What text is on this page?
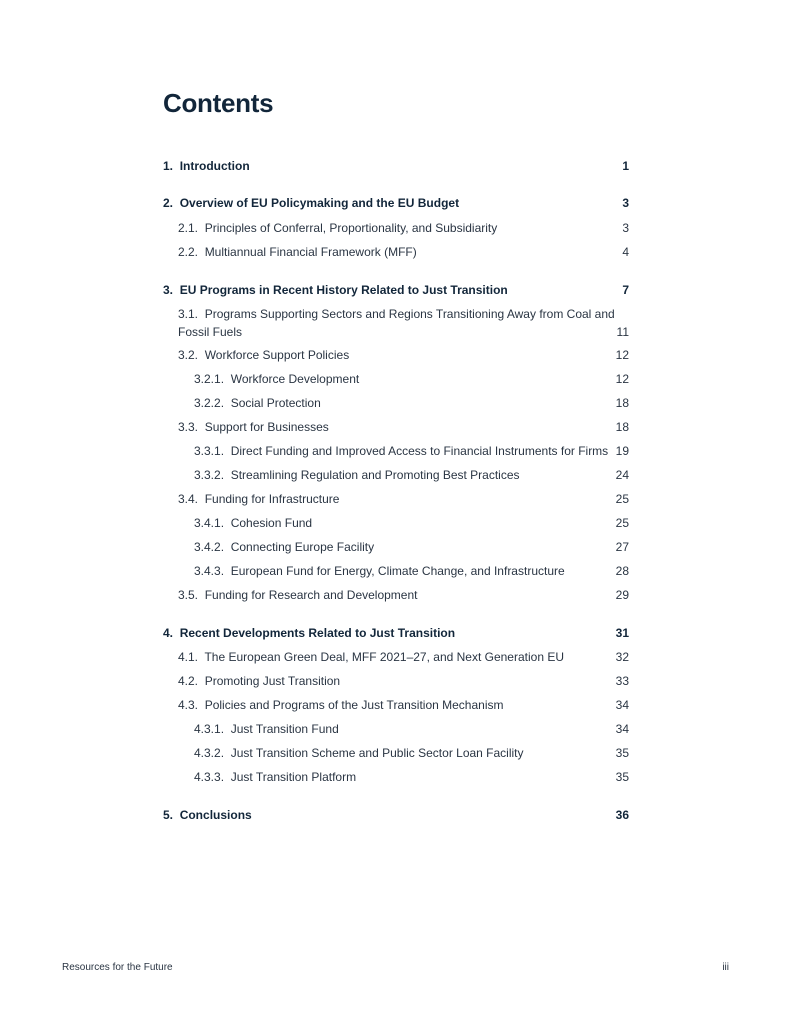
Contents
1. Introduction	1
2. Overview of EU Policymaking and the EU Budget	3
2.1. Principles of Conferral, Proportionality, and Subsidiarity	3
2.2. Multiannual Financial Framework (MFF)	4
3. EU Programs in Recent History Related to Just Transition	7
3.1. Programs Supporting Sectors and Regions Transitioning Away from Coal and Fossil Fuels	11
3.2. Workforce Support Policies	12
3.2.1. Workforce Development	12
3.2.2. Social Protection	18
3.3. Support for Businesses	18
3.3.1. Direct Funding and Improved Access to Financial Instruments for Firms 19
3.3.2. Streamlining Regulation and Promoting Best Practices	24
3.4. Funding for Infrastructure	25
3.4.1. Cohesion Fund	25
3.4.2. Connecting Europe Facility	27
3.4.3. European Fund for Energy, Climate Change, and Infrastructure	28
3.5. Funding for Research and Development	29
4. Recent Developments Related to Just Transition	31
4.1. The European Green Deal, MFF 2021–27, and Next Generation EU	32
4.2. Promoting Just Transition	33
4.3. Policies and Programs of the Just Transition Mechanism	34
4.3.1. Just Transition Fund	34
4.3.2. Just Transition Scheme and Public Sector Loan Facility	35
4.3.3. Just Transition Platform	35
5. Conclusions	36
Resources for the Future	iii
